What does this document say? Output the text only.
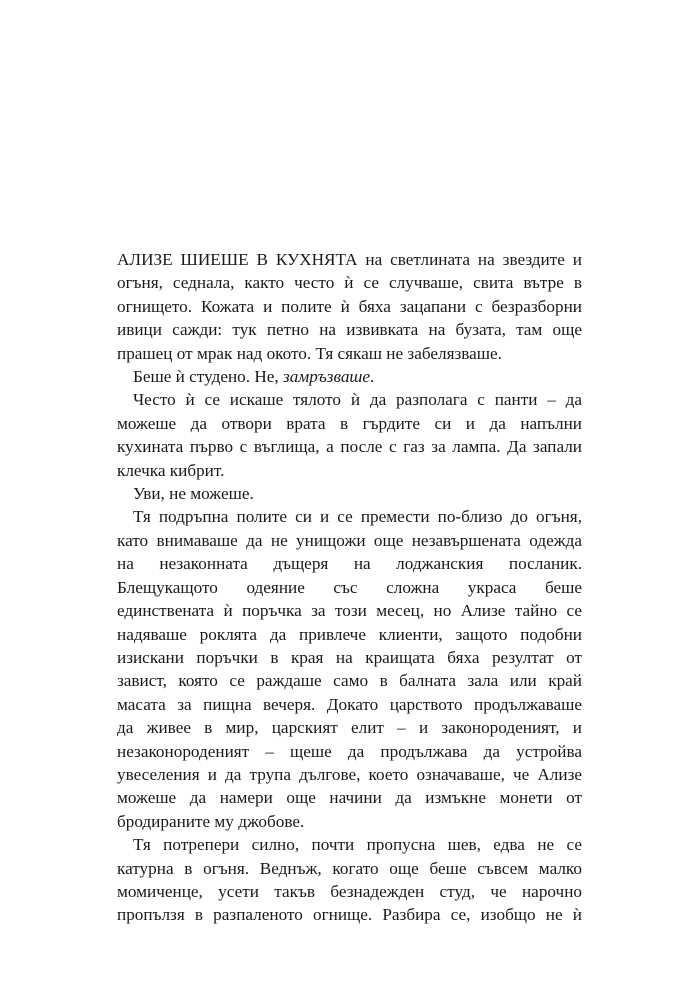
АЛИЗЕ ШИЕШЕ В КУХНЯТА на светлината на звездите и
огъня, седнала, както често ѝ се случваше, свита вътре в
огнището. Кожата и полите ѝ бяха зацапани с безразборни
ивици сажди: тук петно на извивката на бузата, там още
прашец от мрак над окото. Тя сякаш не забелязваше.

Беше ѝ студено. Не, замръзваше.

Често ѝ се искаше тялото ѝ да разполага с панти – да
можеше да отвори врата в гърдите си и да напълни
кухината първо с въглища, а после с газ за лампа. Да запали
клечка кибрит.

Уви, не можеше.

Тя подръпна полите си и се премести по-близо до огъня,
като внимаваше да не унищожи още незавършената одежда
на незаконната дъщеря на лоджанския посланик.
Блещукащото одеяние със сложна украса беше
единствената ѝ поръчка за този месец, но Ализе тайно се
надяваше роклята да привлече клиенти, защото подобни
изискани поръчки в края на краищата бяха резултат от
завист, която се раждаше само в балната зала или край
масата за пищна вечеря. Докато царството продължаваше
да живее в мир, царският елит – и законороденият, и
незаконороденият – щеше да продължава да устройва
увеселения и да трупа дългове, което означаваше, че Ализе
можеше да намери още начини да измъкне монети от
бродираните му джобове.

Тя потрепери силно, почти пропусна шев, едва не се
катурна в огъня. Веднъж, когато още беше съвсем малко
момиченце, усети такъв безнадежден студ, че нарочно
пропълзя в разпаленото огнище. Разбира се, изобщо не ѝ
